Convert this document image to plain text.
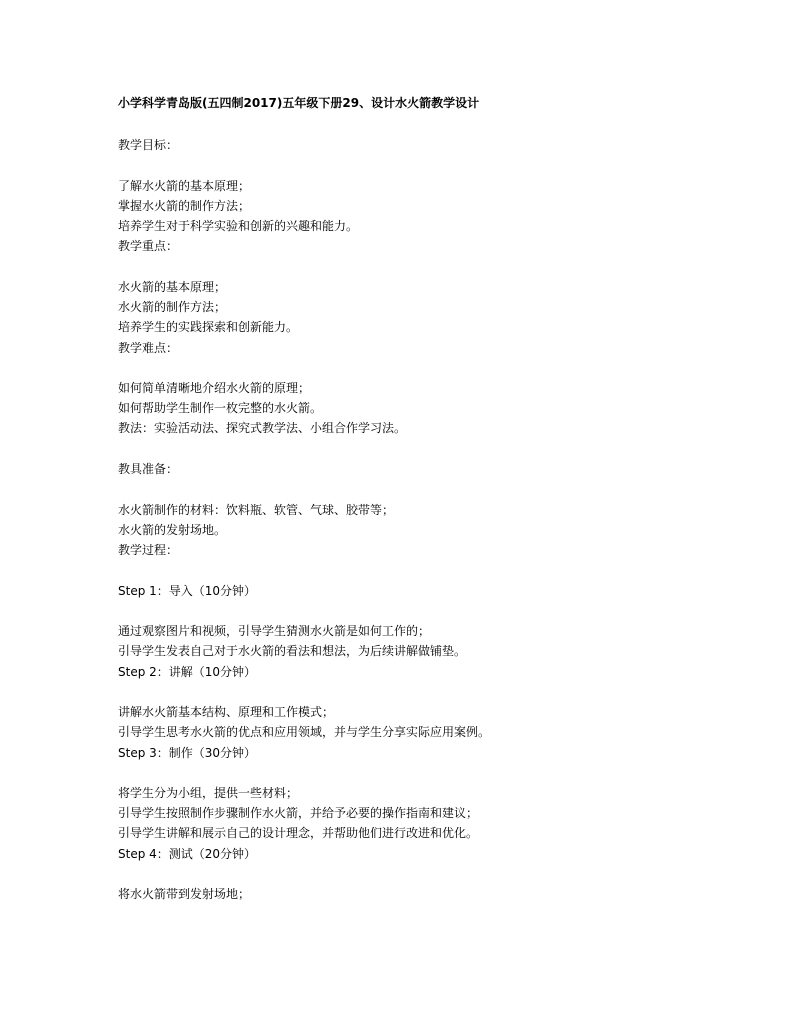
小学科学青岛版(五四制2017)五年级下册29、设计水火箭教学设计
教学目标：
了解水火箭的基本原理；
掌握水火箭的制作方法；
培养学生对于科学实验和创新的兴趣和能力。
教学重点：
水火箭的基本原理；
水火箭的制作方法；
培养学生的实践探索和创新能力。
教学难点：
如何简单清晰地介绍水火箭的原理；
如何帮助学生制作一枚完整的水火箭。
教法：实验活动法、探究式教学法、小组合作学习法。
教具准备：
水火箭制作的材料：饮料瓶、软管、气球、胶带等；
水火箭的发射场地。
教学过程：
Step 1：导入（10分钟）
通过观察图片和视频，引导学生猜测水火箭是如何工作的；
引导学生发表自己对于水火箭的看法和想法，为后续讲解做铺垫。
Step 2：讲解（10分钟）
讲解水火箭基本结构、原理和工作模式；
引导学生思考水火箭的优点和应用领域，并与学生分享实际应用案例。
Step 3：制作（30分钟）
将学生分为小组，提供一些材料；
引导学生按照制作步骤制作水火箭，并给予必要的操作指南和建议；
引导学生讲解和展示自己的设计理念，并帮助他们进行改进和优化。
Step 4：测试（20分钟）
将水火箭带到发射场地；
